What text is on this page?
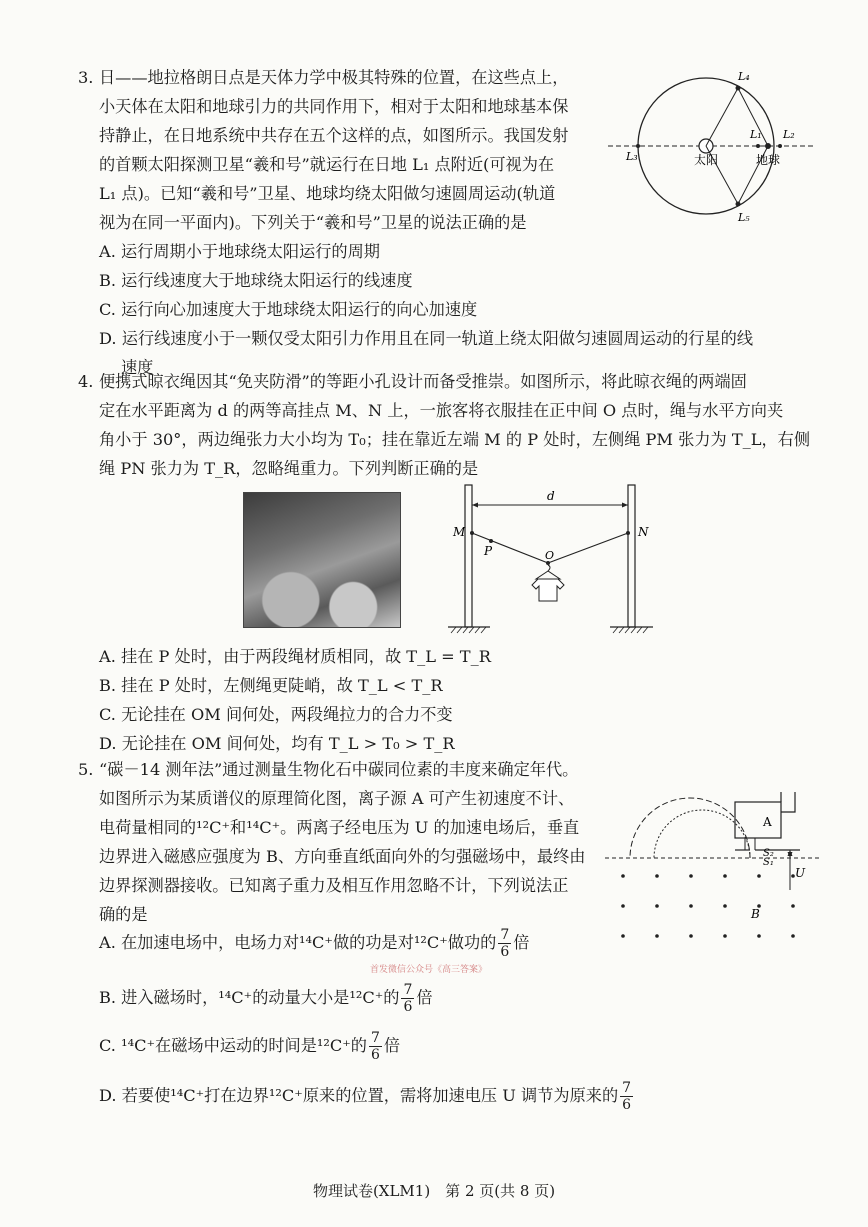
3. 日——地拉格朗日点是天体力学中极其特殊的位置，在这些点上，

小天体在太阳和地球引力的共同作用下，相对于太阳和地球基本保

持静止，在日地系统中共存在五个这样的点，如图所示。我国发射

的首颗太阳探测卫星“羲和号”就运行在日地 L₁ 点附近(可视为在

L₁ 点)。已知“羲和号”卫星、地球均绕太阳做匀速圆周运动(轨道

视为在同一平面内)。下列关于“羲和号”卫星的说法正确的是

A. 运行周期小于地球绕太阳运行的周期

B. 运行线速度大于地球绕太阳运行的线速度

C. 运行向心加速度大于地球绕太阳运行的向心加速度

D. 运行线速度小于一颗仅受太阳引力作用且在同一轨道上绕太阳做匀速圆周运动的行星的线

速度

L₄
L₅
L₁ L₂
L₃	太阳	地球

4. 便携式晾衣绳因其“免夹防滑”的等距小孔设计而备受推崇。如图所示，将此晾衣绳的两端固

定在水平距离为 d 的两等高挂点 M、N 上，一旅客将衣服挂在正中间 O 点时，绳与水平方向夹

角小于 30°，两边绳张力大小均为 T₀；挂在靠近左端 M 的 P 处时，左侧绳 PM 张力为 T_L，右侧

绳 PN 张力为 T_R，忽略绳重力。下列判断正确的是

d
M	N
P	O

A. 挂在 P 处时，由于两段绳材质相同，故 T_L = T_R

B. 挂在 P 处时，左侧绳更陡峭，故 T_L < T_R

C. 无论挂在 OM 间何处，两段绳拉力的合力不变

D. 无论挂在 OM 间何处，均有 T_L > T₀ > T_R

5. “碳－14 测年法”通过测量生物化石中碳同位素的丰度来确定年代。

如图所示为某质谱仪的原理简化图，离子源 A 可产生初速度不计、

电荷量相同的¹²C⁺和¹⁴C⁺。两离子经电压为 U 的加速电场后，垂直

边界进入磁感应强度为 B、方向垂直纸面向外的匀强磁场中，最终由

边界探测器接收。已知离子重力及相互作用忽略不计，下列说法正

确的是

A. 在加速电场中，电场力对¹⁴C⁺做的功是对¹²C⁺做功的 $\frac{7}{6}$ 倍

首发微信公众号《高三答案》

B. 进入磁场时，¹⁴C⁺的动量大小是¹²C⁺的 $\frac{7}{6}$ 倍

C. ¹⁴C⁺在磁场中运动的时间是¹²C⁺的 $\frac{7}{6}$ 倍

D. 若要使¹⁴C⁺打在边界¹²C⁺原来的位置，需将加速电压 U 调节为原来的 $\frac{7}{6}$

A
S₁
U
S₂
B
物理试卷(XLM1)　第 2 页(共 8 页)
